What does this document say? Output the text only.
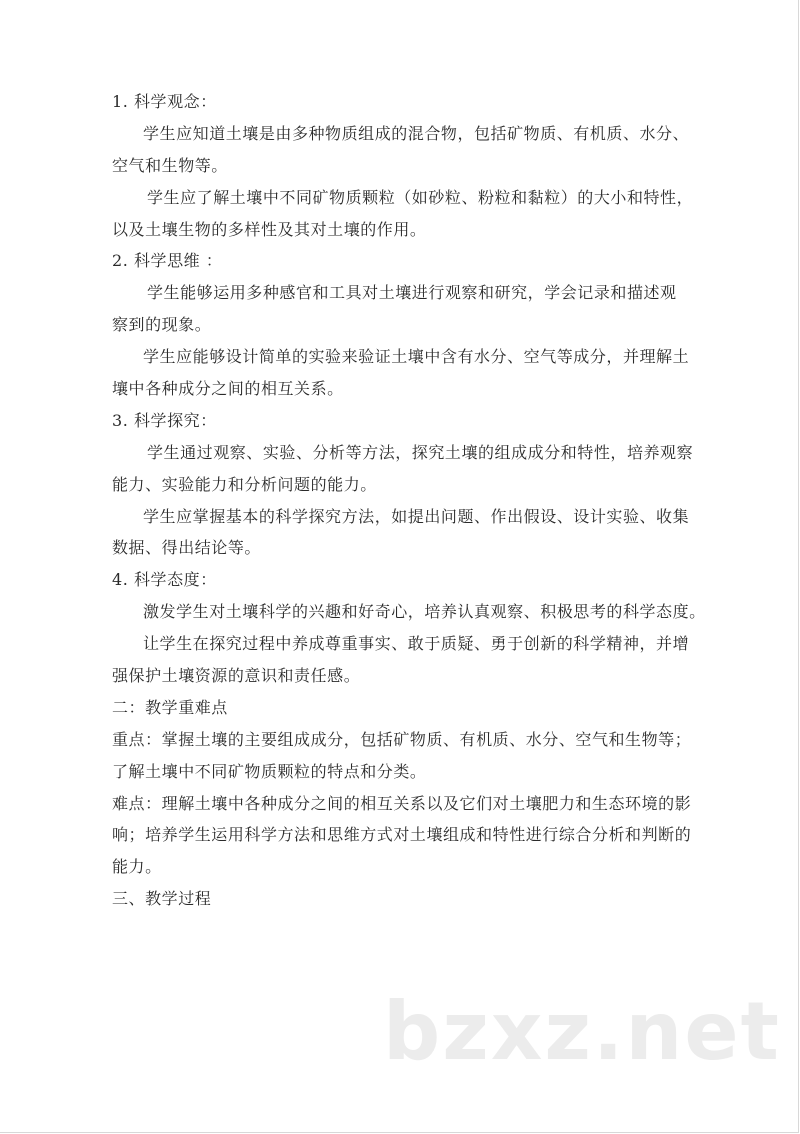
1. 科学观念：
学生应知道土壤是由多种物质组成的混合物，包括矿物质、有机质、水分、
空气和生物等。
学生应了解土壤中不同矿物质颗粒（如砂粒、粉粒和黏粒）的大小和特性，
以及土壤生物的多样性及其对土壤的作用。
2. 科学思维 ：
学生能够运用多种感官和工具对土壤进行观察和研究，学会记录和描述观
察到的现象。
学生应能够设计简单的实验来验证土壤中含有水分、空气等成分，并理解土
壤中各种成分之间的相互关系。
3. 科学探究：
学生通过观察、实验、分析等方法，探究土壤的组成成分和特性，培养观察
能力、实验能力和分析问题的能力。
学生应掌握基本的科学探究方法，如提出问题、作出假设、设计实验、收集
数据、得出结论等。
4. 科学态度：
激发学生对土壤科学的兴趣和好奇心，培养认真观察、积极思考的科学态度。
让学生在探究过程中养成尊重事实、敢于质疑、勇于创新的科学精神，并增
强保护土壤资源的意识和责任感。
二：教学重难点
重点：掌握土壤的主要组成成分，包括矿物质、有机质、水分、空气和生物等；
了解土壤中不同矿物质颗粒的特点和分类。
难点：理解土壤中各种成分之间的相互关系以及它们对土壤肥力和生态环境的影
响；培养学生运用科学方法和思维方式对土壤组成和特性进行综合分析和判断的
能力。
三、教学过程
bzxz.net
